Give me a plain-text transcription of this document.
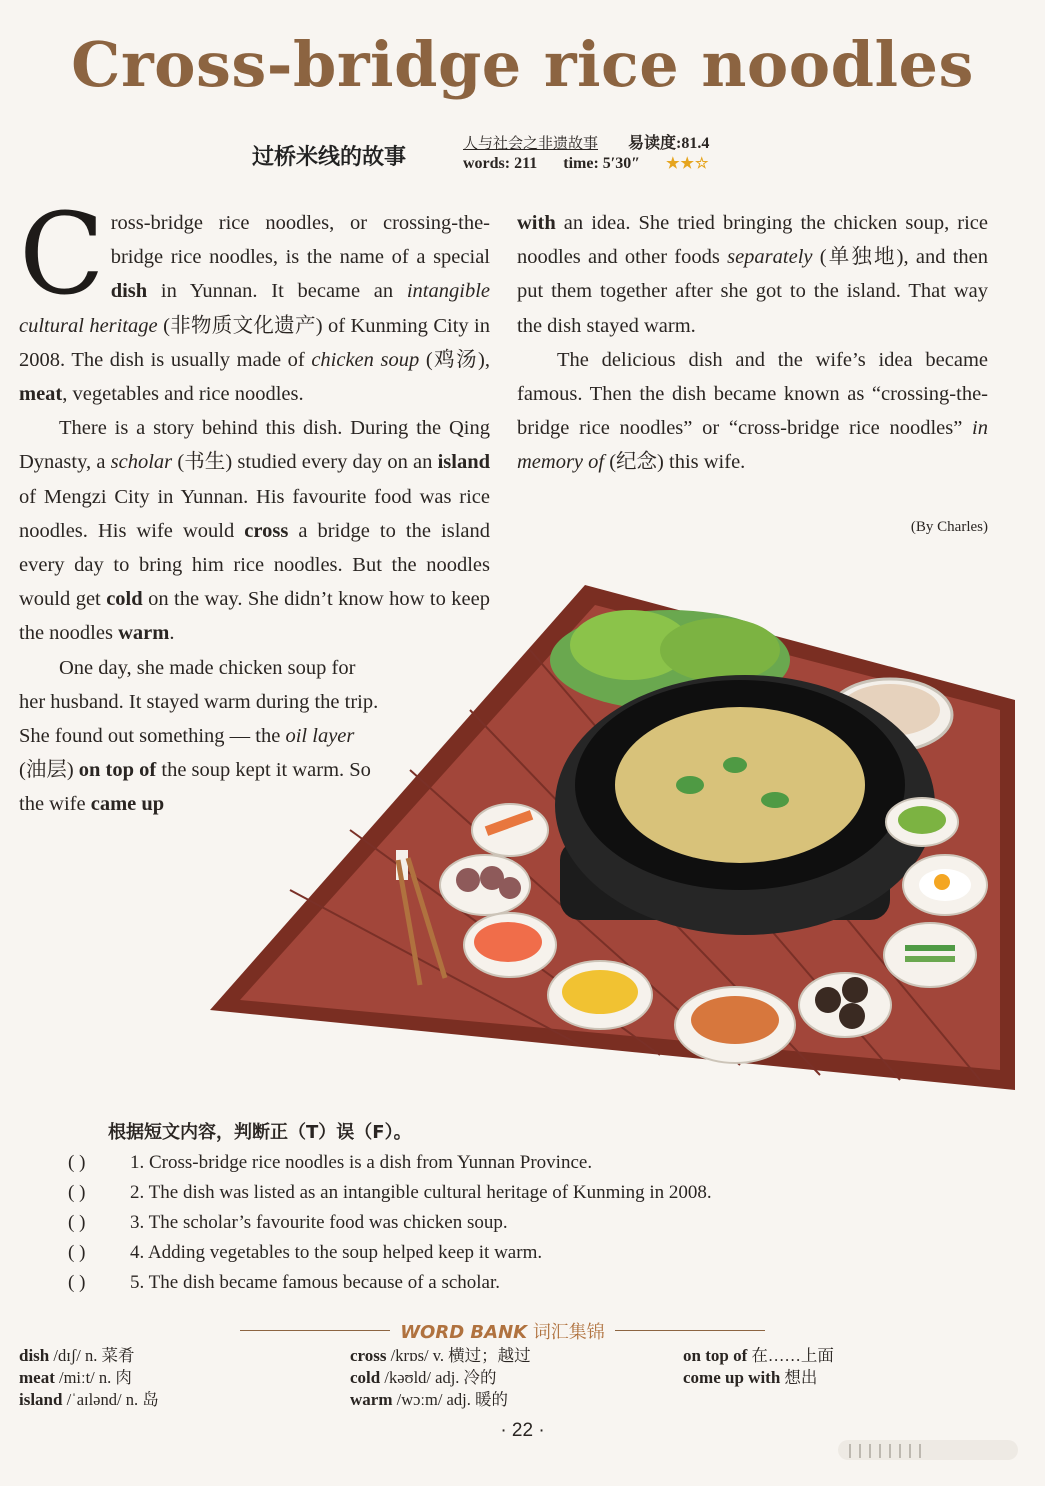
Cross-bridge rice noodles
过桥米线的故事
人与社会之非遗故事 易读度:81.4
words: 211 time: 5′30″ ★★☆

Cross-bridge rice noodles, or crossing-the-bridge rice noodles, is the name of a special dish in Yunnan. It became an intangible cultural heritage (非物质文化遗产) of Kunming City in 2008. The dish is usually made of chicken soup (鸡汤), meat, vegetables and rice noodles.

There is a story behind this dish. During the Qing Dynasty, a scholar (书生) studied every day on an island of Mengzi City in Yunnan. His favourite food was rice noodles. His wife would cross a bridge to the island every day to bring him rice noodles. But the noodles would get cold on the way. She didn’t know how to keep the noodles warm.

One day, she made chicken soup for her husband. It stayed warm during the trip. She found out something — the oil layer (油层) on top of the soup kept it warm. So the wife came up

with an idea. She tried bringing the chicken soup, rice noodles and other foods separately (单独地), and then put them together after she got to the island. That way the dish stayed warm.

The delicious dish and the wife’s idea became famous. Then the dish became known as “crossing-the-bridge rice noodles” or “cross-bridge rice noodles” in memory of (纪念) this wife.

(By Charles)
根据短文内容，判断正（T）误（F）。
( ) 1. Cross-bridge rice noodles is a dish from Yunnan Province.
( ) 2. The dish was listed as an intangible cultural heritage of Kunming in 2008.
( ) 3. The scholar’s favourite food was chicken soup.
( ) 4. Adding vegetables to the soup helped keep it warm.
( ) 5. The dish became famous because of a scholar.
WORD BANK 词汇集锦
dish /dɪʃ/ n. 菜肴
meat /miːt/ n. 肉
island /ˈaɪlənd/ n. 岛
cross /krɒs/ v. 横过；越过
cold /kəʊld/ adj. 冷的
warm /wɔːm/ adj. 暖的
on top of 在……上面
come up with 想出
· 22 ·
